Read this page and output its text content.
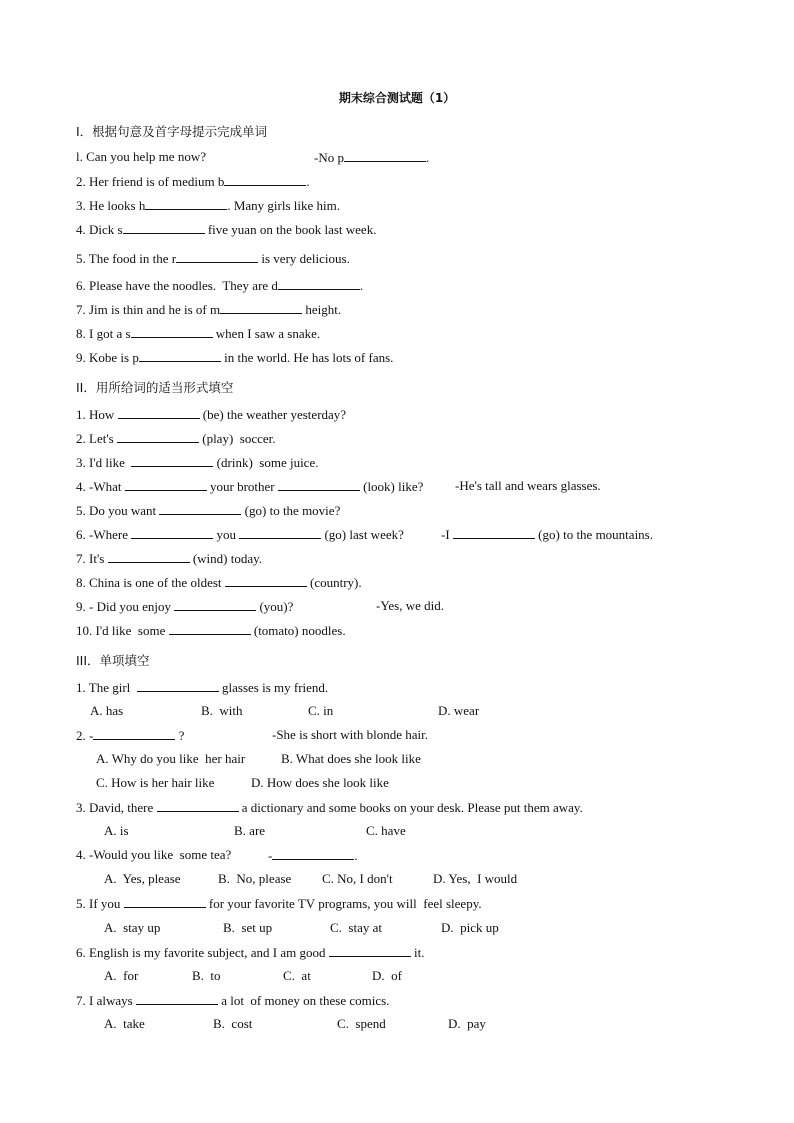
期末综合测试题（1）
I．根据句意及首字母提示完成单词
l. Can you help me now?	-No p	.
2. Her friend is of medium b	.
3. He looks h	. Many girls like him.
4. Dick s	five yuan on the book last week.
5. The food in the r	is very delicious.
6. Please have the noodles.  They are d	.
7. Jim is thin and he is of m	height.
8. I got a s	when I saw a snake.
9. Kobe is p	in the world. He has lots of fans.
II．用所给词的适当形式填空
1. How	(be) the weather yesterday?
2. Let's	(play)  soccer.
3. I'd like	(drink)  some juice.
4. -What	your brother	(look) like? -He's tall and wears glasses.
5. Do you want	(go) to the movie?
6. -Where	you	(go) last week?	-I	(go) to the mountains.
7. It's	(wind) today.
8. China is one of the oldest	(country).
9. - Did you enjoy	(you)?	-Yes, we did.
10. I'd like  some	(tomato) noodles.
III．单项填空
1. The girl	glasses is my friend.
A. has	B.  with	C. in	D. wear
2. -	?	-She is short with blonde hair.
A. Why do you like  her hair	B. What does she look like
C. How is her hair like	D. How does she look like
3. David, there	a dictionary and some books on your desk. Please put them away.
A. is	B. are	C. have
4. -Would you like  some tea?	-	.
A.  Yes, please	B.  No, please C. No, I don't	D. Yes,  I would
5. If you	for your favorite TV programs, you will  feel sleepy.
A.  stay up	B.  set up	C.  stay at	D.  pick up
6. English is my favorite subject, and I am good	it.
A.  for	B.  to	C.  at	D.  of
7. I always	a lot  of money on these comics.
A.  take	B.  cost	C.  spend	D.  pay
